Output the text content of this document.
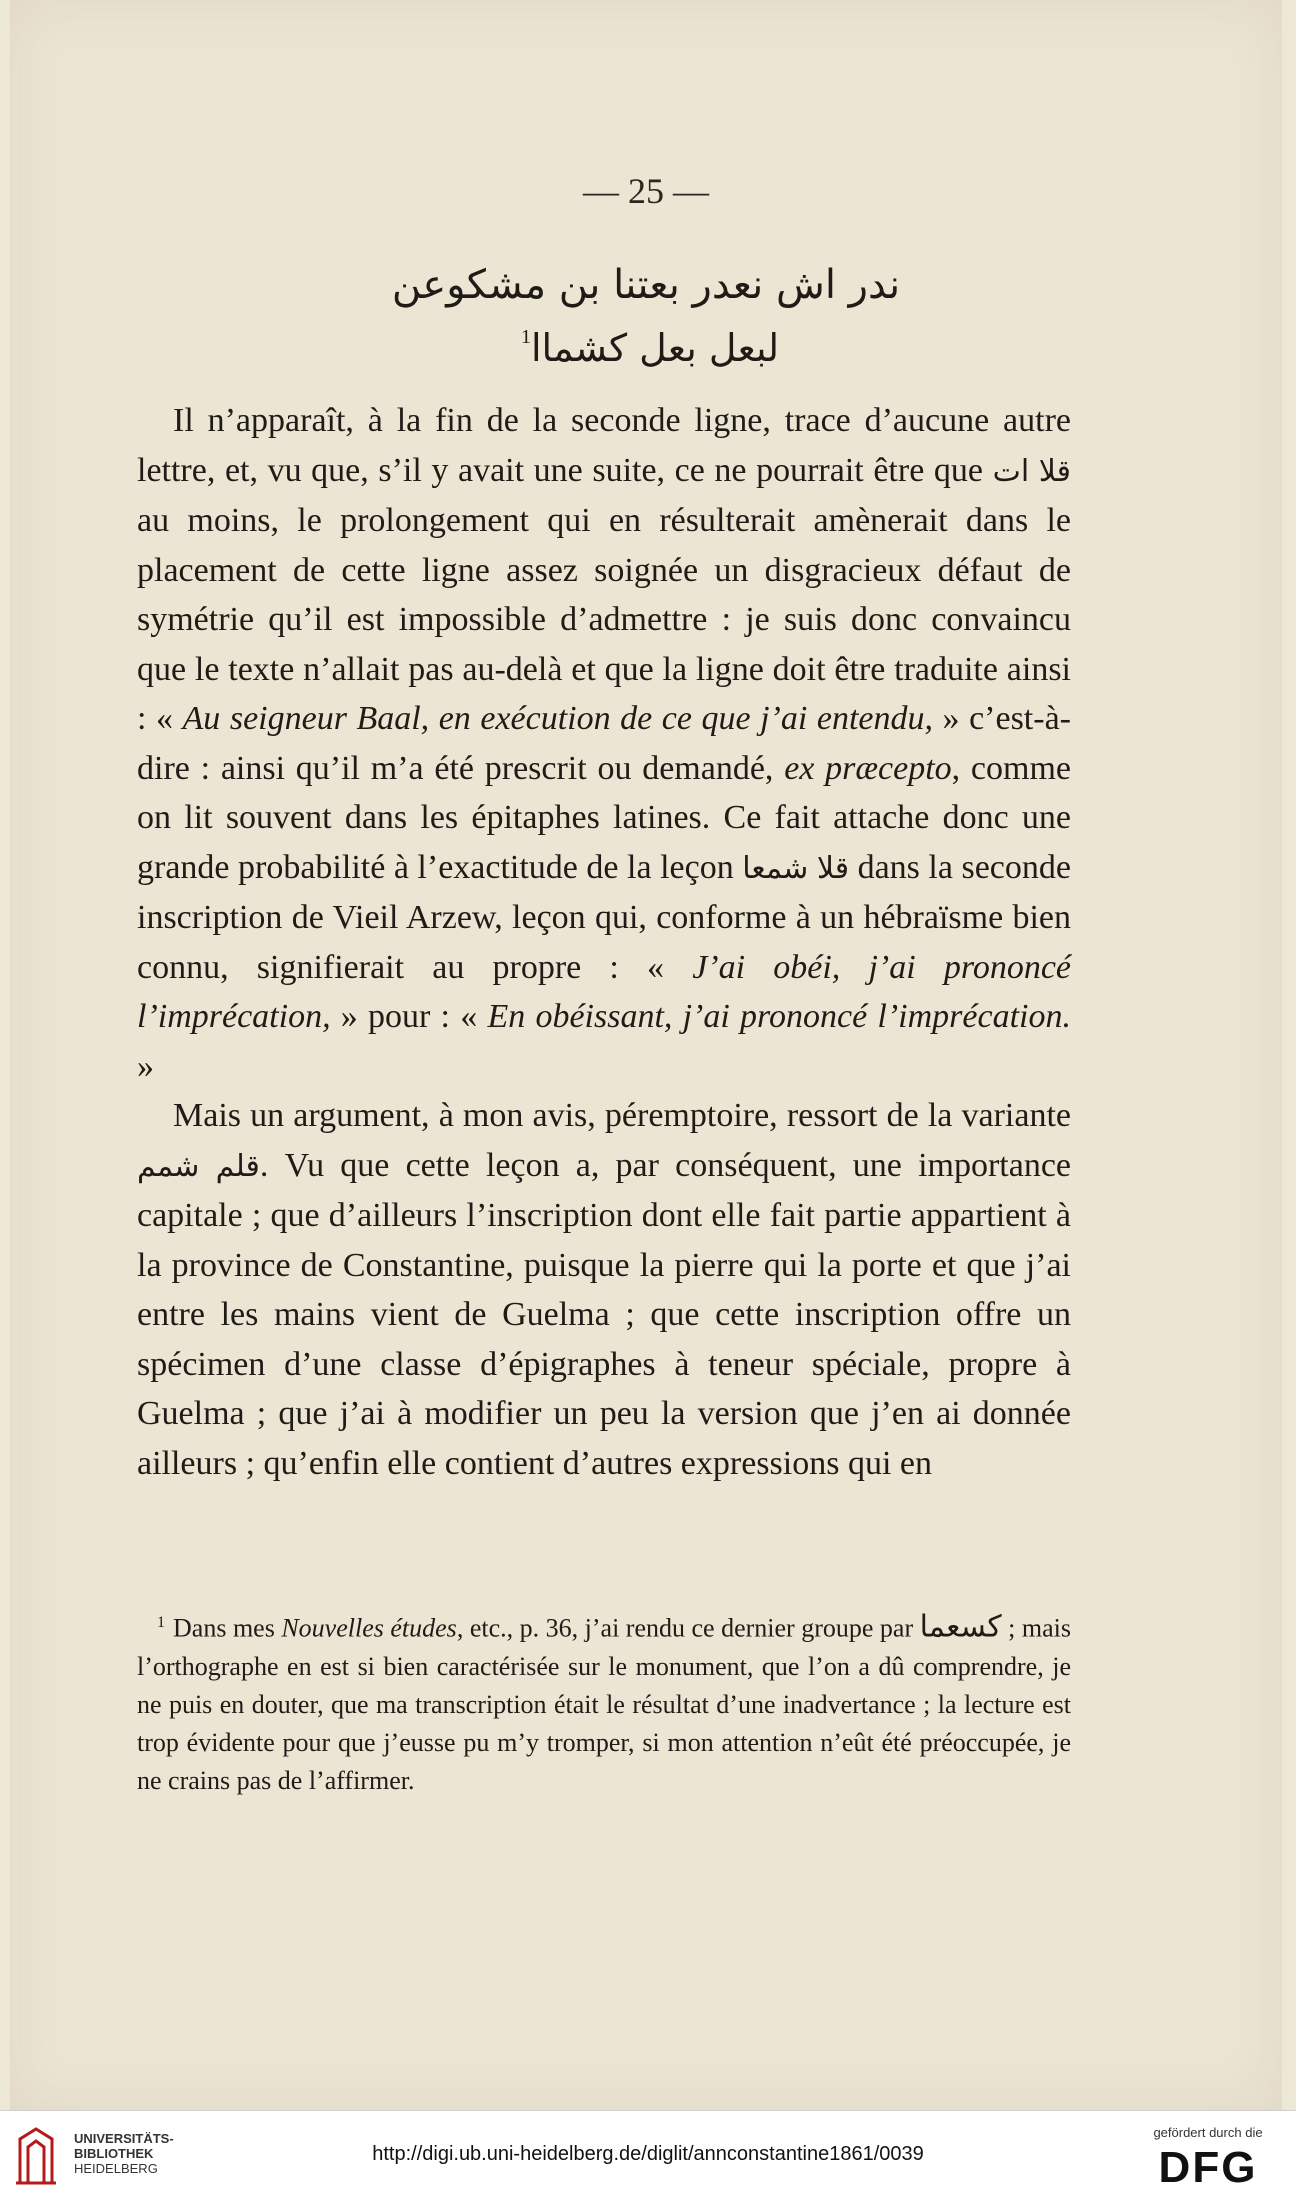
— 25 —
ندر اش نعدر بعتنا بن مشكوعن
لبعل بعل كشماا$^1$

Il n’apparaît, à la fin de la seconde ligne, trace d’aucune autre lettre, et, vu que, s’il y avait une suite, ce ne pourrait être que قلا ات au moins, le prolongement qui en résulterait amènerait dans le placement de cette ligne assez soignée un disgracieux défaut de symétrie qu’il est impossible d’admettre : je suis donc convaincu que le texte n’allait pas au-delà et que la ligne doit être traduite ainsi : « Au seigneur Baal, en exécution de ce que j’ai entendu, » c’est-à-dire : ainsi qu’il m’a été prescrit ou demandé, ex præcepto, comme on lit souvent dans les épitaphes latines. Ce fait attache donc une grande probabilité à l’exactitude de la leçon قلا شمعا dans la seconde inscription de Vieil Arzew, leçon qui, conforme à un hébraïsme bien connu, signifierait au propre : « J’ai obéi, j’ai prononcé l’imprécation, » pour : « En obéissant, j’ai prononcé l’imprécation. »

Mais un argument, à mon avis, péremptoire, ressort de la variante قلم شمم . Vu que cette leçon a, par conséquent, une importance capitale ; que d’ailleurs l’inscription dont elle fait partie appartient à la province de Constantine, puisque la pierre qui la porte et que j’ai entre les mains vient de Guelma ; que cette inscription offre un spécimen d’une classe d’épigraphes à teneur spéciale, propre à Guelma ; que j’ai à modifier un peu la version que j’en ai donnée ailleurs ; qu’enfin elle contient d’autres expressions qui en

$^1$ Dans mes Nouvelles études, etc., p. 36, j’ai rendu ce dernier groupe par كسعما ; mais l’orthographe en est si bien caractérisée sur le monument, que l’on a dû comprendre, je ne puis en douter, que ma transcription était le résultat d’une inadvertance ; la lecture est trop évidente pour que j’eusse pu m’y tromper, si mon attention n’eût été préoccupée, je ne crains pas de l’affirmer.

UNIVERSITÄTS-
BIBLIOTHEK
HEIDELBERG
http://digi.ub.uni-heidelberg.de/diglit/annconstantine1861/0039
gefördert durch die
DFG
